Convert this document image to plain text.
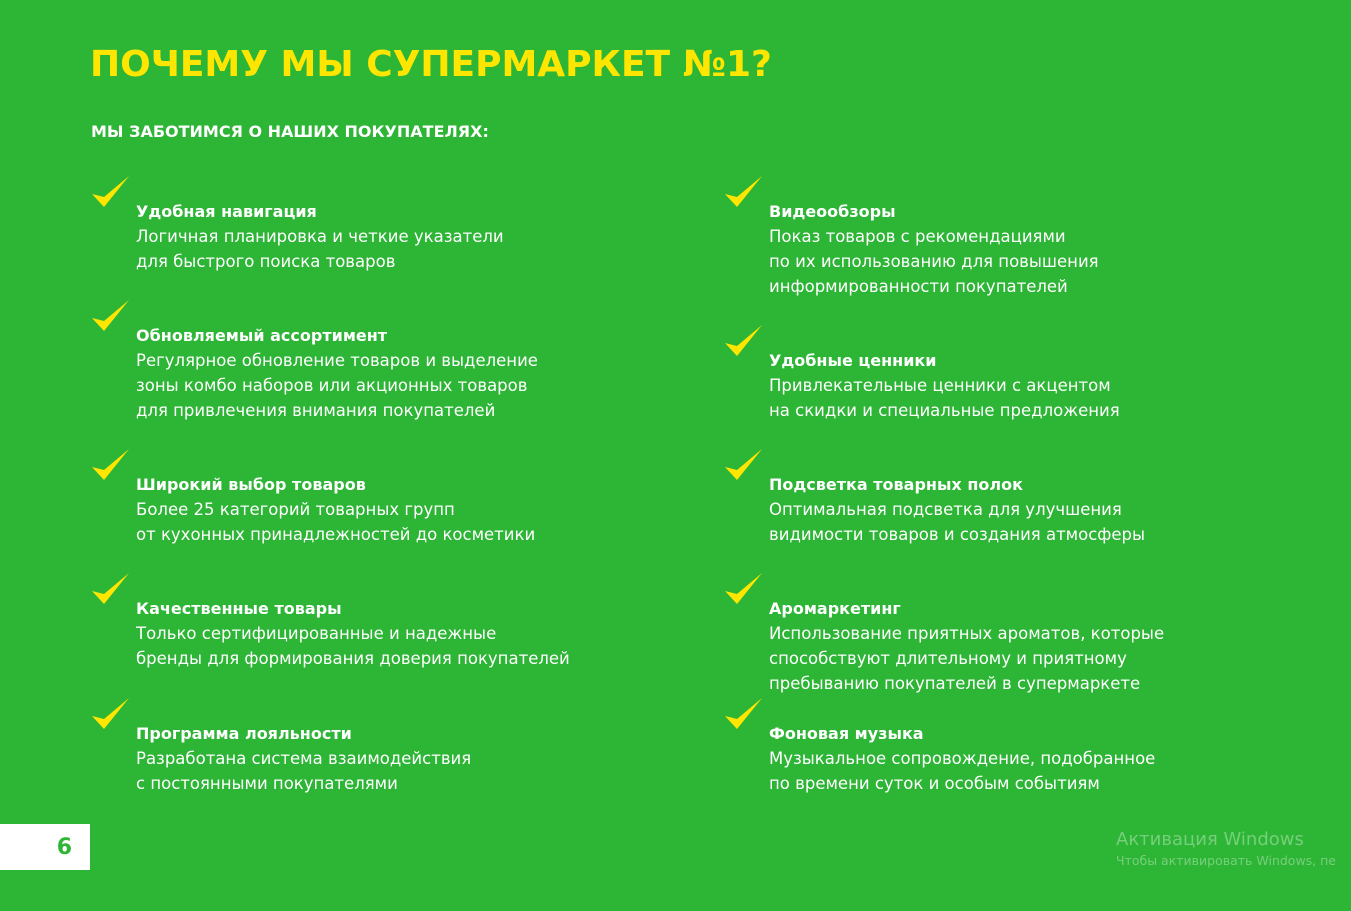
ПОЧЕМУ МЫ СУПЕРМАРКЕТ №1?
МЫ ЗАБОТИМСЯ О НАШИХ ПОКУПАТЕЛЯХ:
Удобная навигация
Логичная планировка и четкие указатели
для быстрого поиска товаров
Обновляемый ассортимент
Регулярное обновление товаров и выделение
зоны комбо наборов или акционных товаров
для привлечения внимания покупателей
Широкий выбор товаров
Более 25 категорий товарных групп
от кухонных принадлежностей до косметики
Качественные товары
Только сертифицированные и надежные
бренды для формирования доверия покупателей
Программа лояльности
Разработана система взаимодействия
с постоянными покупателями
Видеообзоры
Показ товаров с рекомендациями
по их использованию для повышения
информированности покупателей
Удобные ценники
Привлекательные ценники с акцентом
на скидки и специальные предложения
Подсветка товарных полок
Оптимальная подсветка для улучшения
видимости товаров и создания атмосферы
Аромаркетинг
Использование приятных ароматов, которые
способствуют длительному и приятному
пребыванию покупателей в супермаркете
Фоновая музыка
Музыкальное сопровождение, подобранное
по времени суток и особым событиям
6	Активация Windows
Чтобы активировать Windows, пе
